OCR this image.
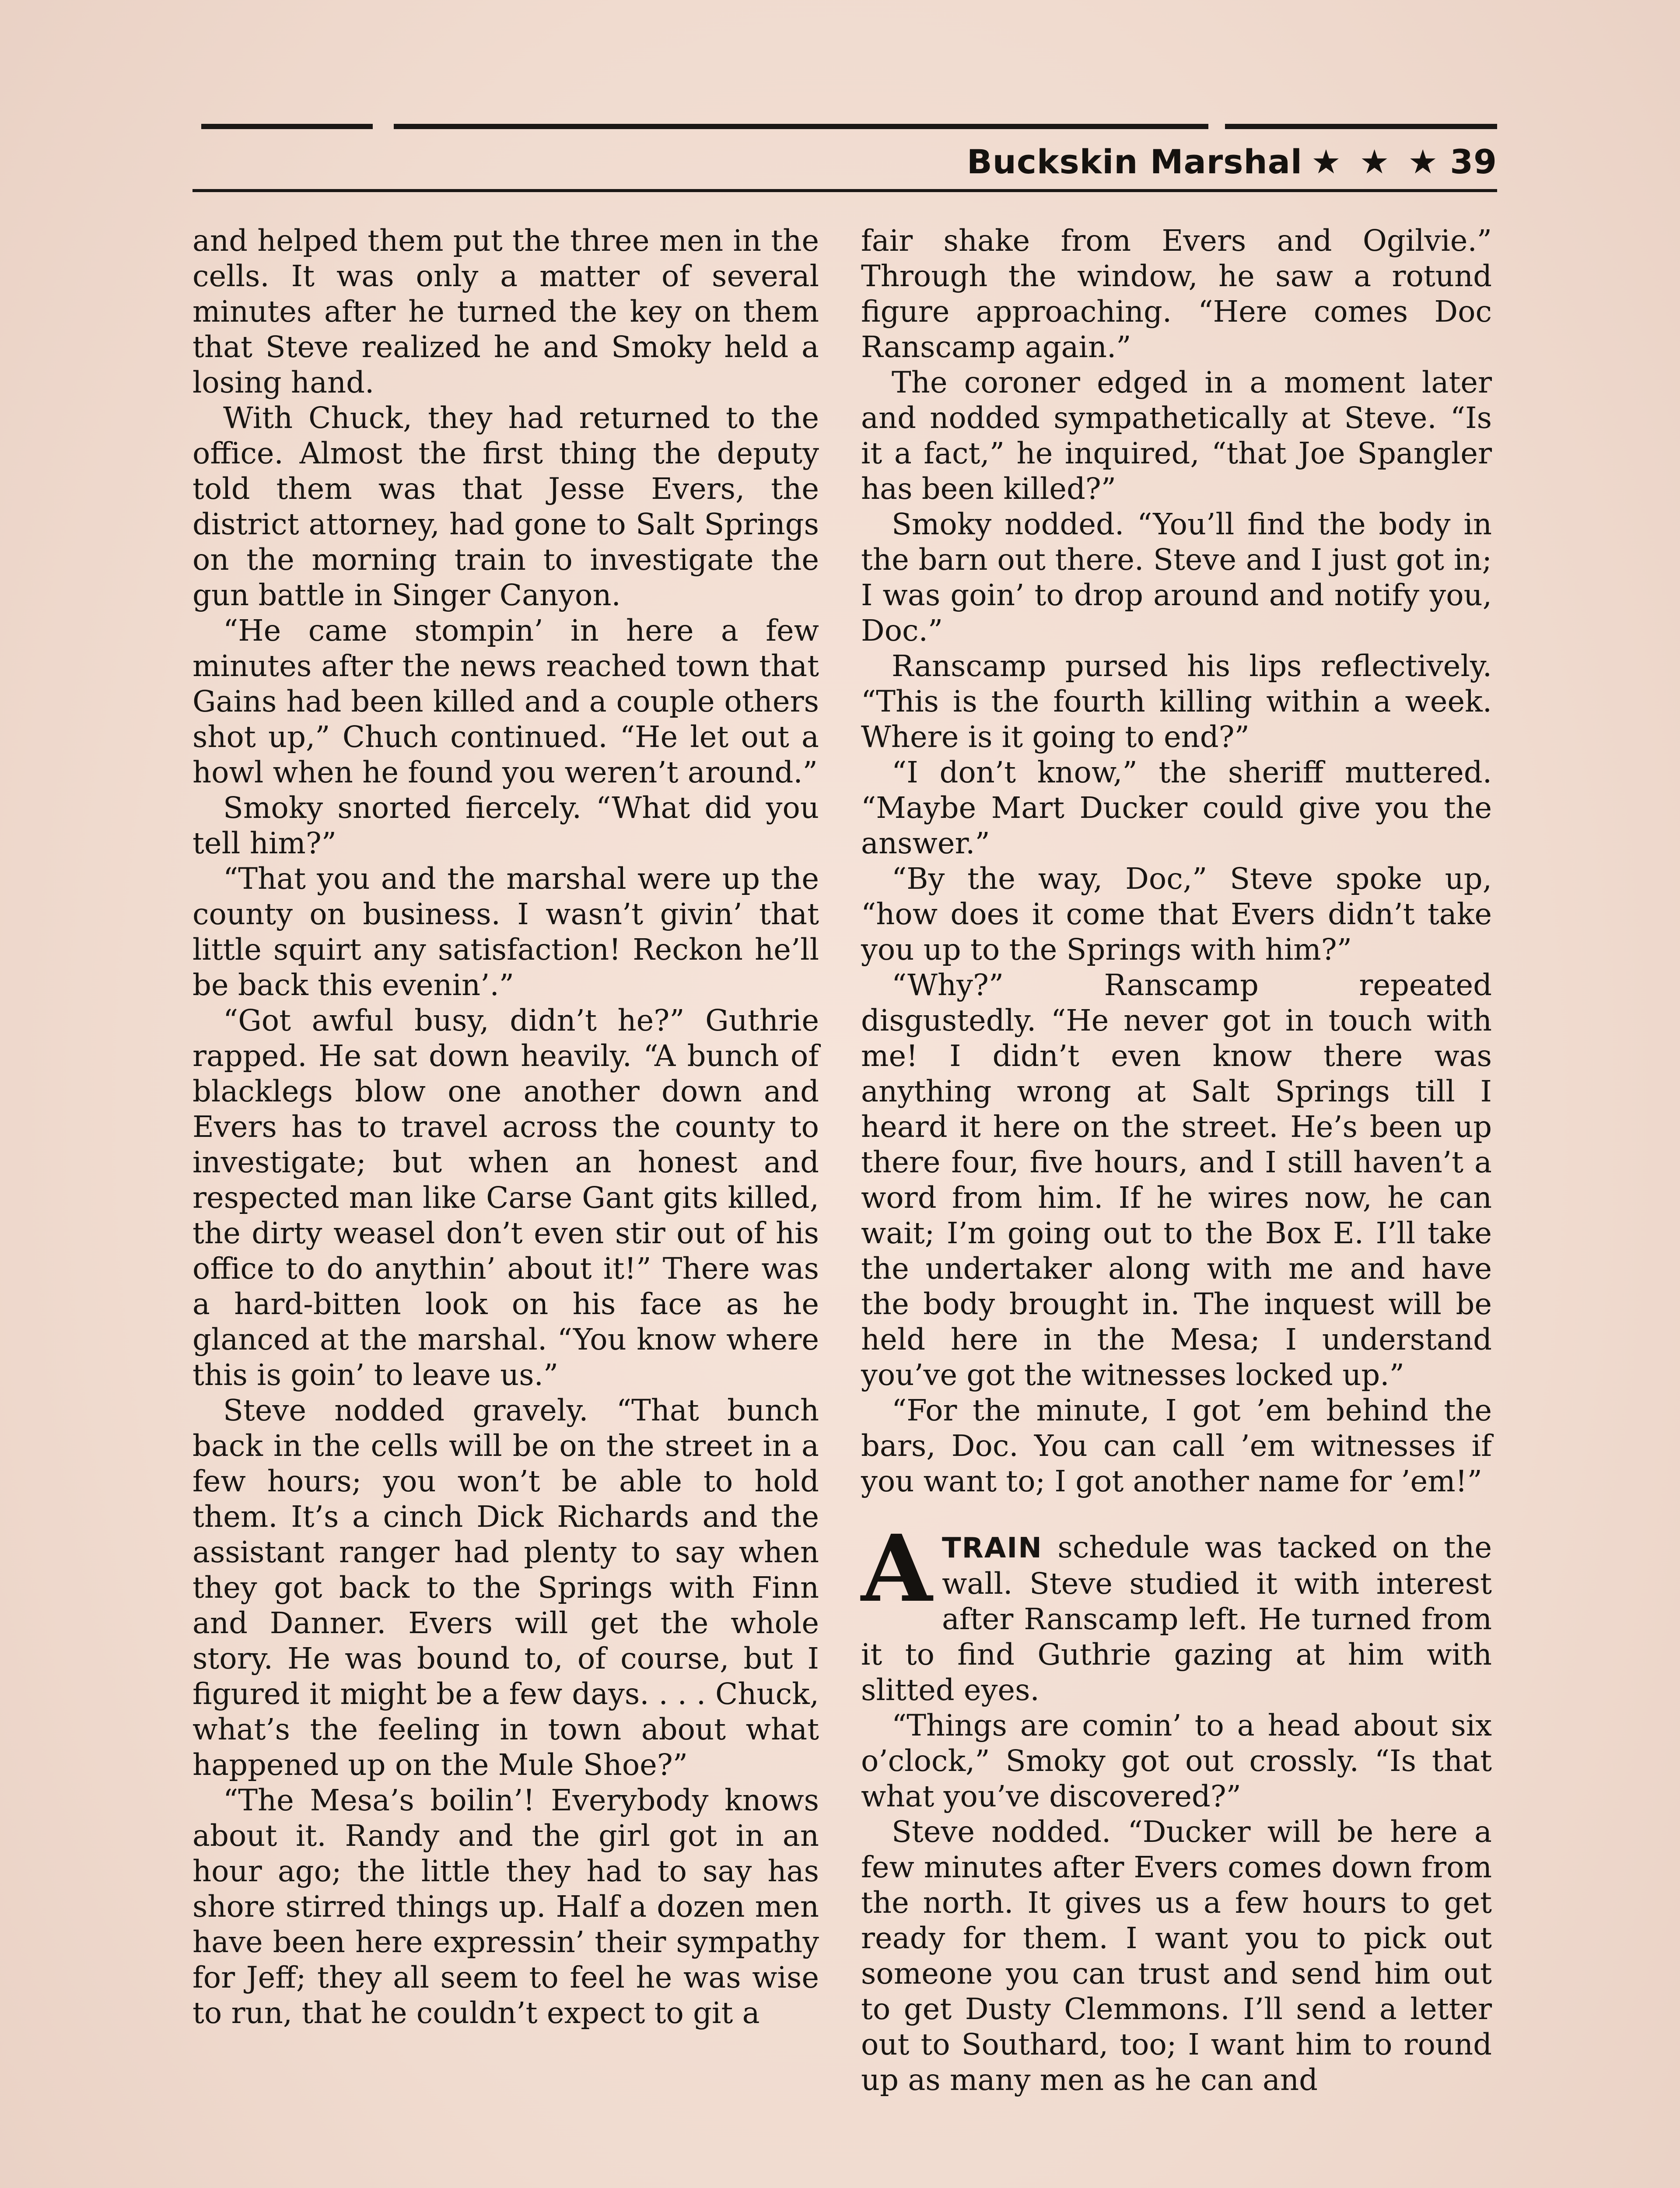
Buckskin Marshal ★ ★ ★ 39

and helped them put the three men in the cells. It was only a matter of several minutes after he turned the key on them that Steve realized he and Smoky held a losing hand.

With Chuck, they had returned to the office. Almost the first thing the deputy told them was that Jesse Evers, the district attorney, had gone to Salt Springs on the morning train to investigate the gun battle in Singer Canyon.

“He came stompin’ in here a few minutes after the news reached town that Gains had been killed and a couple others shot up,” Chuch continued. “He let out a howl when he found you weren’t around.”

Smoky snorted fiercely. “What did you tell him?”

“That you and the marshal were up the county on business. I wasn’t givin’ that little squirt any satisfaction! Reckon he’ll be back this evenin’.”

“Got awful busy, didn’t he?” Guthrie rapped. He sat down heavily. “A bunch of blacklegs blow one another down and Evers has to travel across the county to investigate; but when an honest and respected man like Carse Gant gits killed, the dirty weasel don’t even stir out of his office to do anythin’ about it!” There was a hard-bitten look on his face as he glanced at the marshal. “You know where this is goin’ to leave us.”

Steve nodded gravely. “That bunch back in the cells will be on the street in a few hours; you won’t be able to hold them. It’s a cinch Dick Richards and the assistant ranger had plenty to say when they got back to the Springs with Finn and Danner. Evers will get the whole story. He was bound to, of course, but I figured it might be a few days. . . . Chuck, what’s the feeling in town about what happened up on the Mule Shoe?”

“The Mesa’s boilin’! Everybody knows about it. Randy and the girl got in an hour ago; the little they had to say has shore stirred things up. Half a dozen men have been here expressin’ their sympathy for Jeff; they all seem to feel he was wise to run, that he couldn’t expect to git a

fair shake from Evers and Ogilvie.” Through the window, he saw a rotund figure approaching. “Here comes Doc Ranscamp again.”

The coroner edged in a moment later and nodded sympathetically at Steve. “Is it a fact,” he inquired, “that Joe Spangler has been killed?”

Smoky nodded. “You’ll find the body in the barn out there. Steve and I just got in; I was goin’ to drop around and notify you, Doc.”

Ranscamp pursed his lips reflectively. “This is the fourth killing within a week. Where is it going to end?”

“I don’t know,” the sheriff muttered. “Maybe Mart Ducker could give you the answer.”

“By the way, Doc,” Steve spoke up, “how does it come that Evers didn’t take you up to the Springs with him?”

“Why?” Ranscamp repeated disgustedly. “He never got in touch with me! I didn’t even know there was anything wrong at Salt Springs till I heard it here on the street. He’s been up there four, five hours, and I still haven’t a word from him. If he wires now, he can wait; I’m going out to the Box E. I’ll take the undertaker along with me and have the body brought in. The inquest will be held here in the Mesa; I understand you’ve got the witnesses locked up.”

“For the minute, I got ’em behind the bars, Doc. You can call ’em witnesses if you want to; I got another name for ’em!”

ATRAIN schedule was tacked on the wall. Steve studied it with interest after Ranscamp left. He turned from it to find Guthrie gazing at him with slitted eyes.

“Things are comin’ to a head about six o’clock,” Smoky got out crossly. “Is that what you’ve discovered?”

Steve nodded. “Ducker will be here a few minutes after Evers comes down from the north. It gives us a few hours to get ready for them. I want you to pick out someone you can trust and send him out to get Dusty Clemmons. I’ll send a letter out to Southard, too; I want him to round up as many men as he can and
